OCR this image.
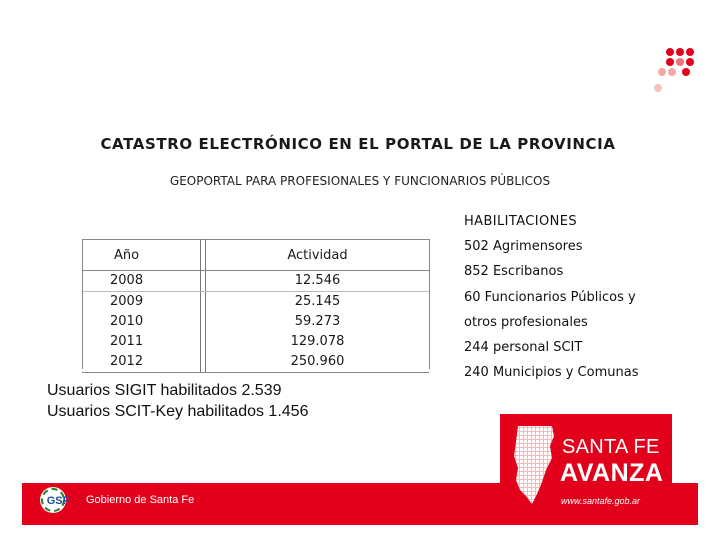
CATASTRO ELECTRÓNICO EN EL PORTAL DE LA PROVINCIA
GEOPORTAL PARA PROFESIONALES Y FUNCIONARIOS PÚBLICOS
Año		Actividad
2008		12.546
2009		25.145
2010		59.273
2011		129.078
2012		250.960
Usuarios SIGIT habilitados 2.539
Usuarios SCIT-Key habilitados 1.456
HABILITACIONES
502 Agrimensores
852 Escribanos
60 Funcionarios Públicos y
otros profesionales
244 personal SCIT
240 Municipios y Comunas
GSF Gobierno de Santa Fe
SANTA FE
AVANZA
www.santafe.gob.ar
